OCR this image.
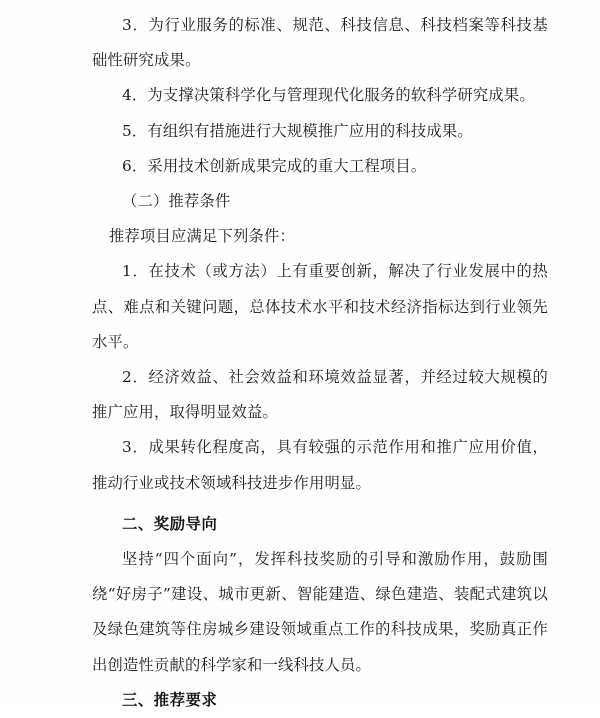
3．为行业服务的标准、规范、科技信息、科技档案等科技基础性研究成果。

4．为支撑决策科学化与管理现代化服务的软科学研究成果。

5．有组织有措施进行大规模推广应用的科技成果。

6．采用技术创新成果完成的重大工程项目。

（二）推荐条件

推荐项目应满足下列条件：

1．在技术（或方法）上有重要创新，解决了行业发展中的热点、难点和关键问题，总体技术水平和技术经济指标达到行业领先水平。

2．经济效益、社会效益和环境效益显著，并经过较大规模的推广应用，取得明显效益。

3．成果转化程度高，具有较强的示范作用和推广应用价值，推动行业或技术领域科技进步作用明显。

二、奖励导向

坚持“四个面向”，发挥科技奖励的引导和激励作用，鼓励围绕“好房子”建设、城市更新、智能建造、绿色建造、装配式建筑以及绿色建筑等住房城乡建设领域重点工作的科技成果，奖励真正作出创造性贡献的科学家和一线科技人员。

三、推荐要求
